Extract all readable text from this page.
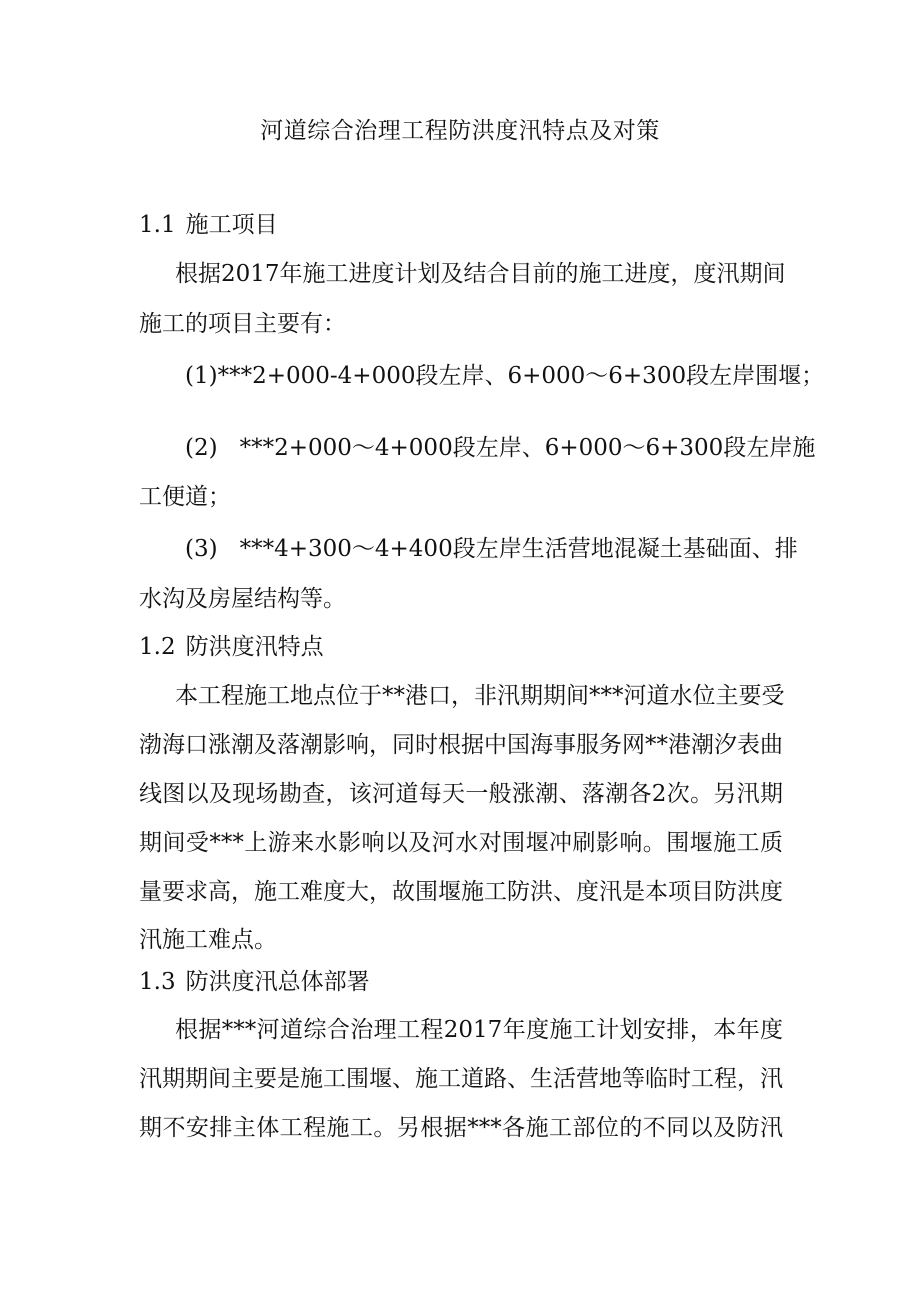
河道综合治理工程防洪度汛特点及对策
1.1 施工项目
根据2017年施工进度计划及结合目前的施工进度，度汛期间
施工的项目主要有：
(1)***2+000-4+000段左岸、6+000～6+300段左岸围堰；
(2) ***2+000～4+000段左岸、6+000～6+300段左岸施
工便道；
(3) ***4+300～4+400段左岸生活营地混凝土基础面、排
水沟及房屋结构等。
1.2 防洪度汛特点
本工程施工地点位于**港口，非汛期期间***河道水位主要受
渤海口涨潮及落潮影响，同时根据中国海事服务网**港潮汐表曲
线图以及现场勘查，该河道每天一般涨潮、落潮各2次。另汛期
期间受***上游来水影响以及河水对围堰冲刷影响。围堰施工质
量要求高，施工难度大，故围堰施工防洪、度汛是本项目防洪度
汛施工难点。
1.3 防洪度汛总体部署
根据***河道综合治理工程2017年度施工计划安排，本年度
汛期期间主要是施工围堰、施工道路、生活营地等临时工程，汛
期不安排主体工程施工。另根据***各施工部位的不同以及防汛
